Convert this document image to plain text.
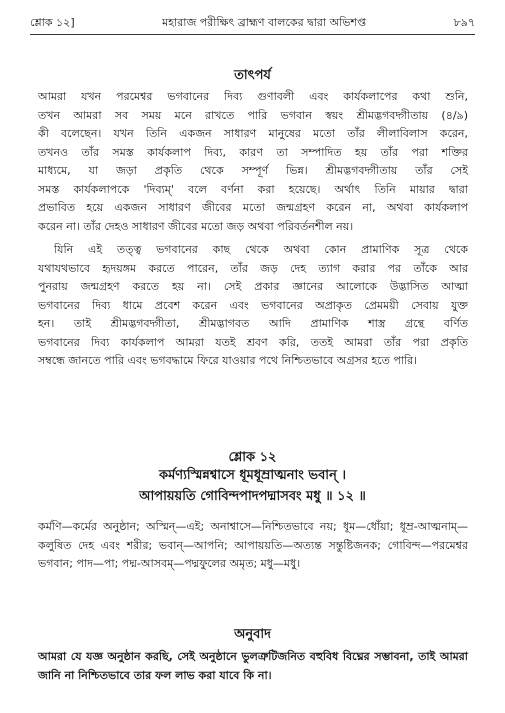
শ্লোক ১২]	মহারাজ পরীক্ষিৎ ব্রাহ্মণ বালকের দ্বারা অভিশপ্ত	৮৯৭
তাৎপর্য

আমরা যখন পরমেশ্বর ভগবানের দিব্য গুণাবলী এবং কার্যকলাপের কথা শুনি, তখন আমরা সব সময় মনে রাখতে পারি ভগবান স্বয়ং শ্রীমদ্ভগবদ্গীতায় (৪/৯) কী বলেছেন। যখন তিনি একজন সাধারণ মানুষের মতো তাঁর লীলাবিলাস করেন, তখনও তাঁর সমস্ত কার্যকলাপ দিব্য, কারণ তা সম্পাদিত হয় তাঁর পরা শক্তির মাধ্যমে, যা জড়া প্রকৃতি থেকে সম্পূর্ণ ভিন্ন। শ্রীমদ্ভগবদ্গীতায় তাঁর সেই সমস্ত কার্যকলাপকে 'দিব্যম্' বলে বর্ণনা করা হয়েছে। অর্থাৎ তিনি মায়ার দ্বারা প্রভাবিত হয়ে একজন সাধারণ জীবের মতো জন্মগ্রহণ করেন না, অথবা কার্যকলাপ করেন না। তাঁর দেহও সাধারণ জীবের মতো জড় অথবা পরিবর্তনশীল নয়।

যিনি এই তত্ত্ব ভগবানের কাছ থেকে অথবা কোন প্রামাণিক সূত্র থেকে যথাযথভাবে হৃদয়ঙ্গম করতে পারেন, তাঁর জড় দেহ ত্যাগ করার পর তাঁকে আর পুনরায় জন্মগ্রহণ করতে হয় না। সেই প্রকার জ্ঞানের আলোকে উদ্ভাসিত আত্মা ভগবানের দিব্য ধামে প্রবেশ করেন এবং ভগবানের অপ্রাকৃত প্রেমময়ী সেবায় যুক্ত হন। তাই শ্রীমদ্ভগবদ্গীতা, শ্রীমদ্ভাগবত আদি প্রামাণিক শাস্ত্র গ্রন্থে বর্ণিত ভগবানের দিব্য কার্যকলাপ আমরা যতই শ্রবণ করি, ততই আমরা তাঁর পরা প্রকৃতি সম্বন্ধে জানতে পারি এবং ভগবদ্ধামে ফিরে যাওয়ার পথে নিশ্চিতভাবে অগ্রসর হতে পারি।

শ্লোক ১২
কর্মণ্যস্মিন্নশ্বাসে ধূমধূম্রাত্মনাং ভবান্ ।
আপায়য়তি গোবিন্দপাদপদ্মাসবং মধু ॥ ১২ ॥

কর্মণি—কর্মের অনুষ্ঠান; অস্মিন্—এই; অনাশ্বাসে—নিশ্চিতভাবে নয়; ধূম—ধোঁয়া; ধূম্র-আত্মনাম্—কলুষিত দেহ এবং শরীর; ভবান্—আপনি; আপায়য়তি—অত্যন্ত সন্তুষ্টিজনক; গোবিন্দ—পরমেশ্বর ভগবান; পাদ—পা; পদ্ম-আসবম্—পদ্মফুলের অমৃত; মধু—মধু।

অনুবাদ

আমরা যে যজ্ঞ অনুষ্ঠান করছি, সেই অনুষ্ঠানে ভুলত্রুটিজনিত বহুবিধ বিঘ্নের সম্ভাবনা, তাই আমরা জানি না নিশ্চিতভাবে তার ফল লাভ করা যাবে কি না।
